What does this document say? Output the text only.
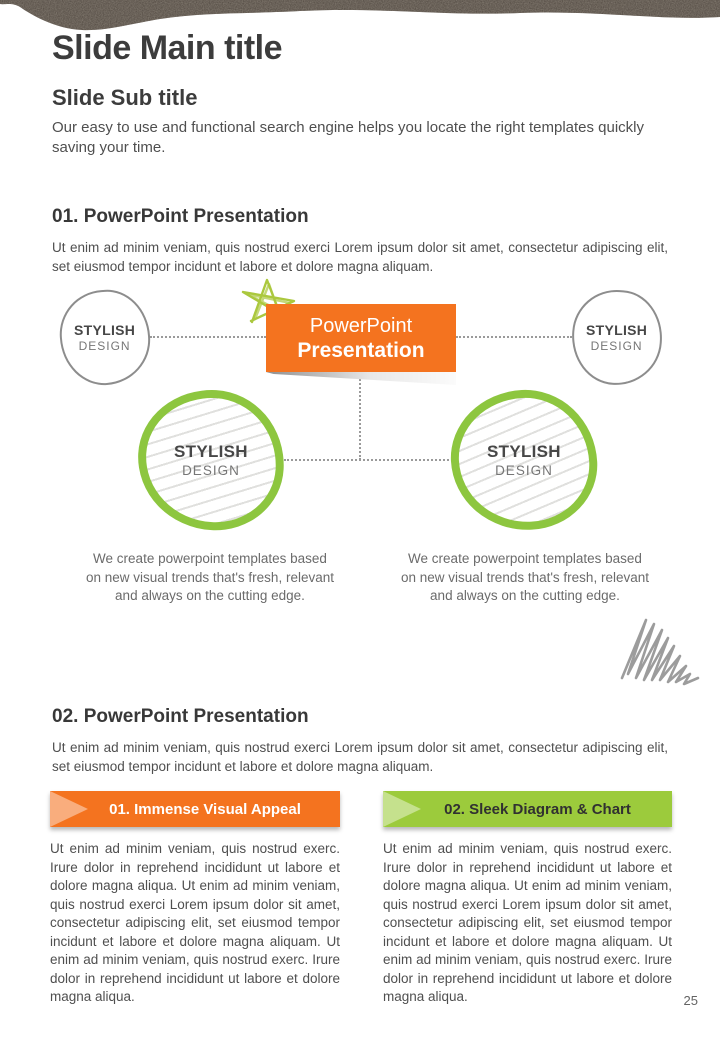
Slide Main title
Slide Sub title

Our easy to use and functional search engine helps you locate the right templates quickly saving your time.

01. PowerPoint Presentation

Ut enim ad minim veniam, quis nostrud exerci Lorem ipsum dolor sit amet, consectetur adipiscing elit, set eiusmod tempor incidunt et labore et dolore magna aliquam.

STYLISH
DESIGN
STYLISH
DESIGN
PowerPoint
Presentation
STYLISH
DESIGN
STYLISH
DESIGN
We create powerpoint templates based on new visual trends that's fresh, relevant and always on the cutting edge.
We create powerpoint templates based on new visual trends that's fresh, relevant and always on the cutting edge.
02. PowerPoint Presentation

Ut enim ad minim veniam, quis nostrud exerci Lorem ipsum dolor sit amet, consectetur adipiscing elit, set eiusmod tempor incidunt et labore et dolore magna aliquam.

01. Immense Visual Appeal

Ut enim ad minim veniam, quis nostrud exerc. Irure dolor in reprehend incididunt ut labore et dolore magna aliqua. Ut enim ad minim veniam, quis nostrud exerci Lorem ipsum dolor sit amet, consectetur adipiscing elit, set eiusmod tempor incidunt et labore et dolore magna aliquam. Ut enim ad minim veniam, quis nostrud exerc. Irure dolor in reprehend incididunt ut labore et dolore magna aliqua.

02. Sleek Diagram & Chart

Ut enim ad minim veniam, quis nostrud exerc. Irure dolor in reprehend incididunt ut labore et dolore magna aliqua. Ut enim ad minim veniam, quis nostrud exerci Lorem ipsum dolor sit amet, consectetur adipiscing elit, set eiusmod tempor incidunt et labore et dolore magna aliquam. Ut enim ad minim veniam, quis nostrud exerc. Irure dolor in reprehend incididunt ut labore et dolore magna aliqua.	25
